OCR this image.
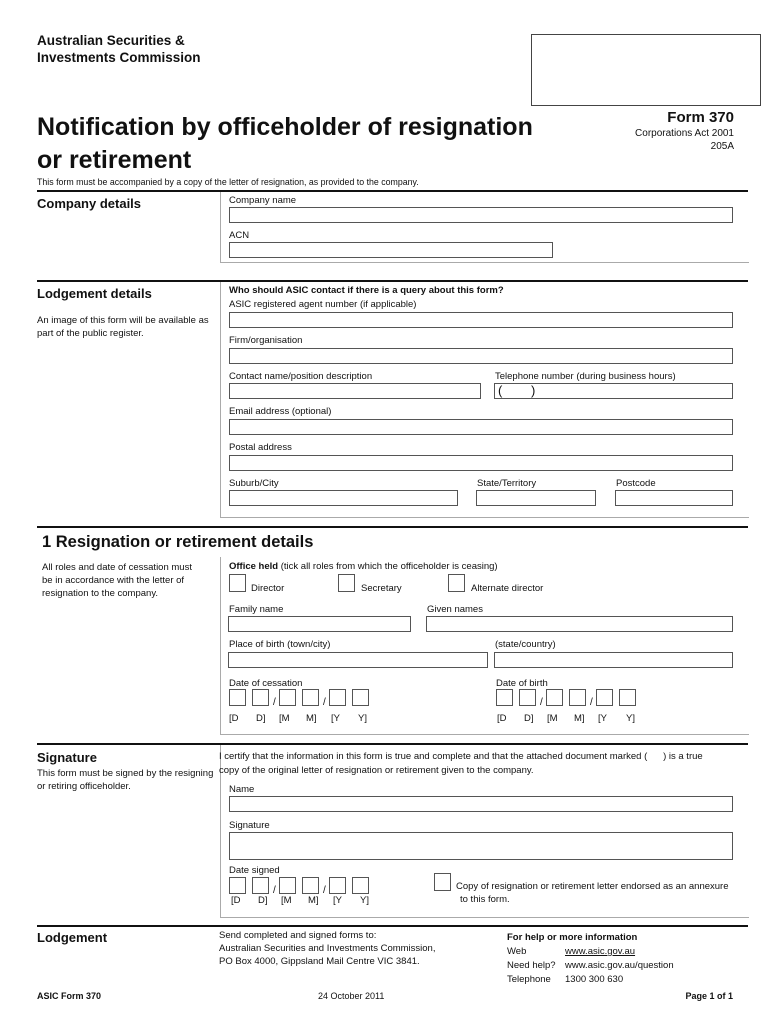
Australian Securities &
Investments Commission
Notification by officeholder of resignation
or retirement
Form 370
Corporations Act 2001
205A
This form must be accompanied by a copy of the letter of resignation, as provided to the company.
Company details	Company name
ACN
Lodgement details
An image of this form will be available as part of the public register.
Who should ASIC contact if there is a query about this form?
ASIC registered agent number (if applicable)
Firm/organisation
Contact name/position description	Telephone number (during business hours)
( )
Email address (optional)
Postal address
Suburb/City	State/Territory	Postcode
1 Resignation or retirement details
All roles and date of cessation must be in accordance with the letter of resignation to the company.
Office held (tick all roles from which the officeholder is ceasing)
Director	Secretary	Alternate director
Family name	Given names
Place of birth (town/city)	(state/country)
Date of cessation
/	/
[D D] [M M] [Y Y]
Date of birth
/	/
[D D] [M M] [Y Y]
Signature
This form must be signed by the resigning or retiring officeholder.
I certify that the information in this form is true and complete and that the attached document marked (      ) is a true
copy of the original letter of resignation or retirement given to the company.
Name
Signature
Date signed
/	/
[D D] [M M] [Y Y]
Copy of resignation or retirement letter endorsed as an annexure
to this form.
Lodgement	Send completed and signed forms to:
Australian Securities and Investments Commission,
PO Box 4000, Gippsland Mail Centre VIC 3841.
For help or more information
Web	www.asic.gov.au
Need help? www.asic.gov.au/question
Telephone 1300 300 630
ASIC Form 370	24 October 2011	Page 1 of 1
